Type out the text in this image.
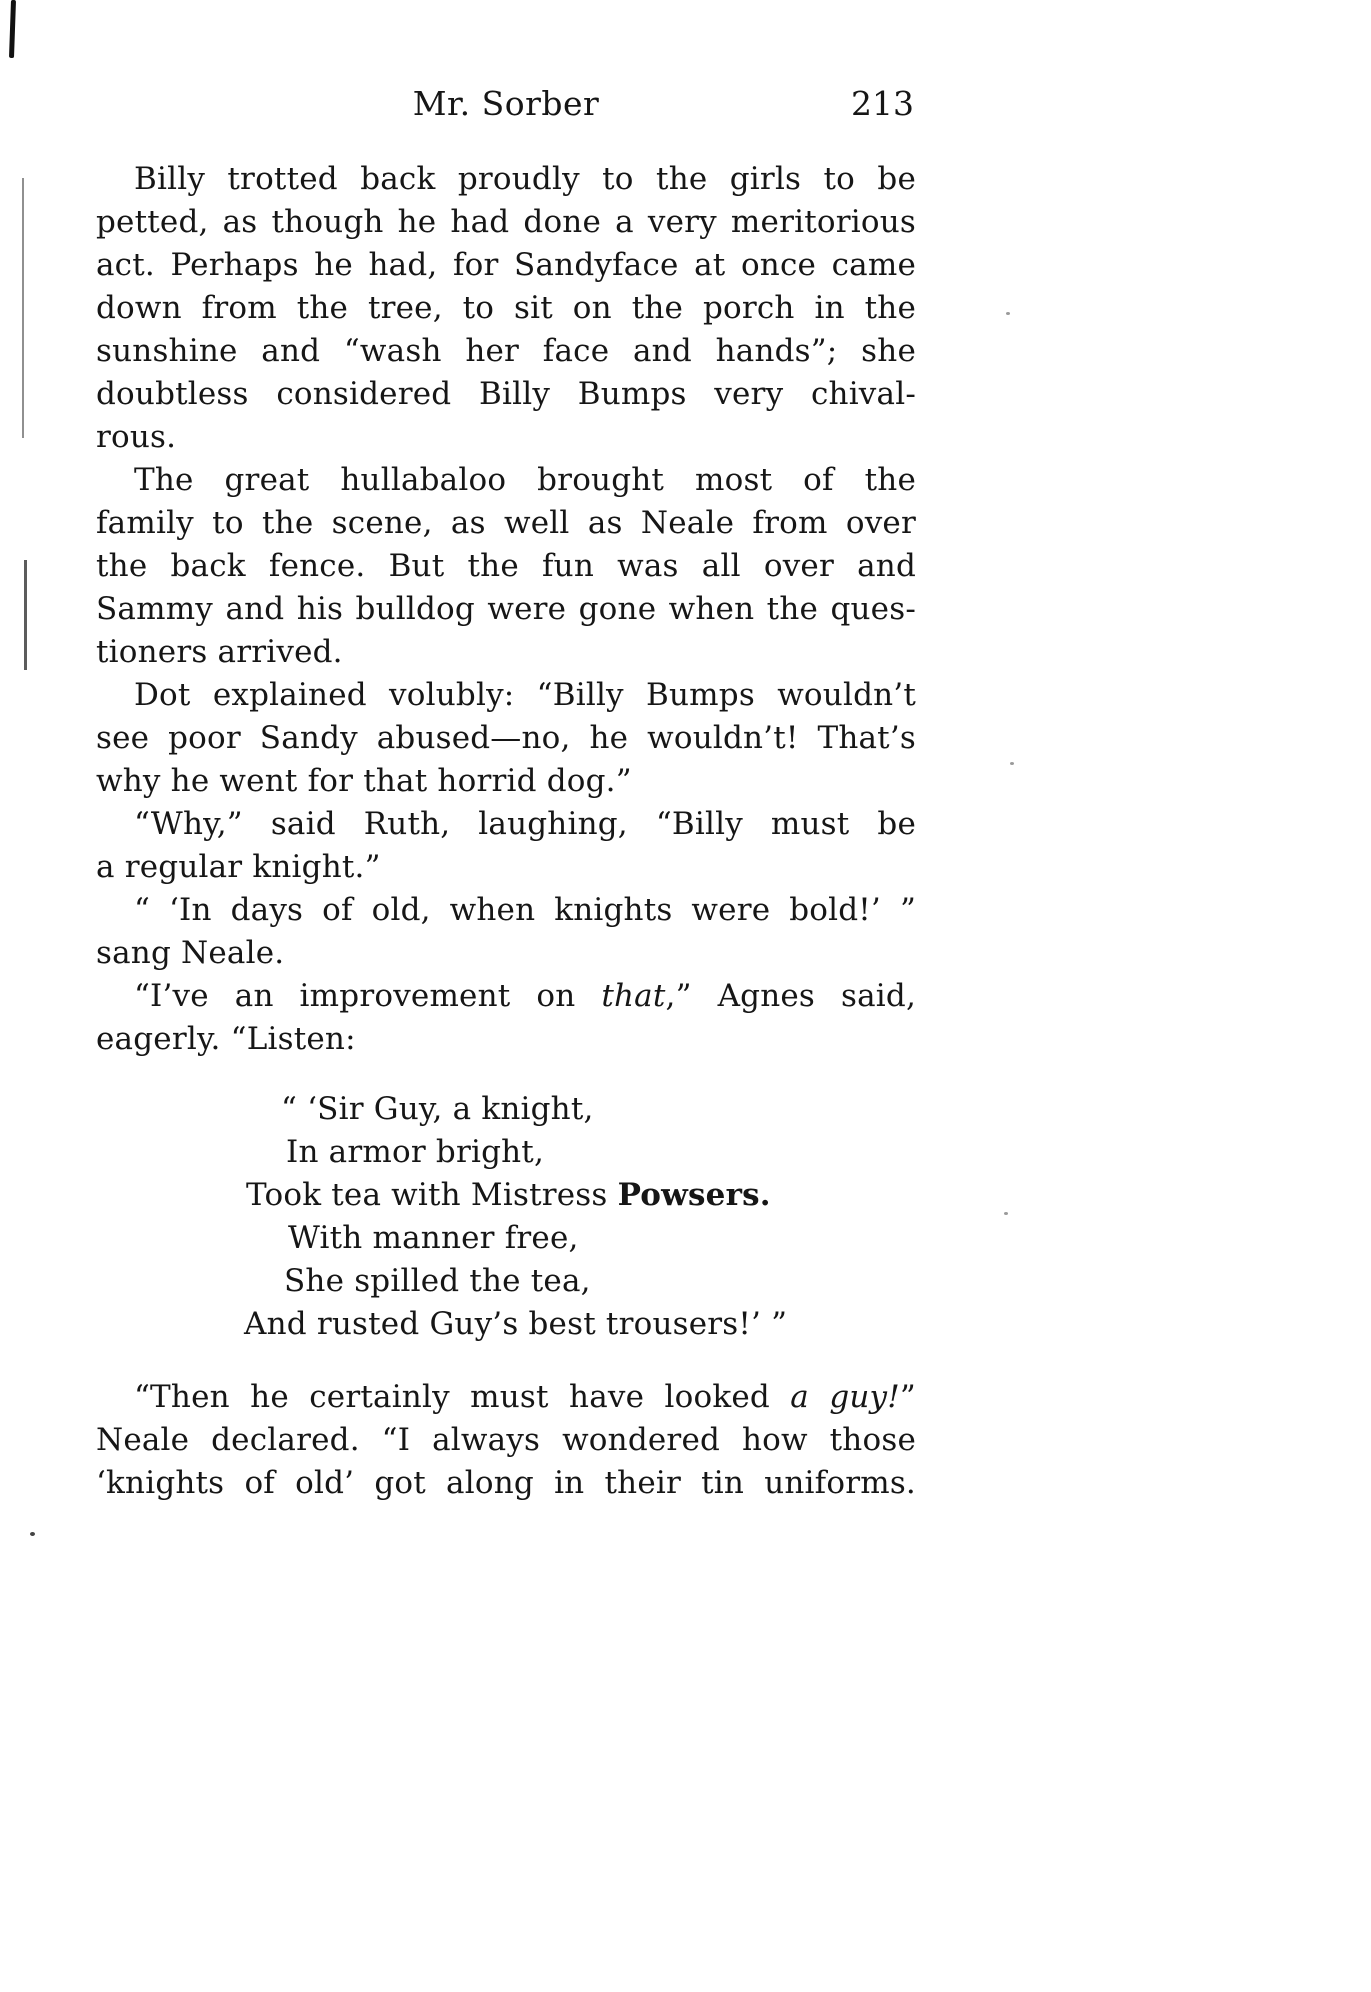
Mr. Sorber	213
Billy trotted back proudly to the girls to be
petted, as though he had done a very meritorious
act. Perhaps he had, for Sandyface at once came
down from the tree, to sit on the porch in the
sunshine and “wash her face and hands”; she
doubtless considered Billy Bumps very chival-
rous.
The great hullabaloo brought most of the
family to the scene, as well as Neale from over
the back fence. But the fun was all over and
Sammy and his bulldog were gone when the ques-
tioners arrived.
Dot explained volubly: “Billy Bumps wouldn’t
see poor Sandy abused—no, he wouldn’t! That’s
why he went for that horrid dog.”
“Why,” said Ruth, laughing, “Billy must be
a regular knight.”
“ ‘In days of old, when knights were bold!’ ”
sang Neale.
“I’ve an improvement on that,” Agnes said,
eagerly. “Listen:
“ ‘Sir Guy, a knight,
In armor bright,
Took tea with Mistress Powsers.
With manner free,
She spilled the tea,
And rusted Guy’s best trousers!’ ”
“Then he certainly must have looked a guy!”
Neale declared. “I always wondered how those
‘knights of old’ got along in their tin uniforms.
